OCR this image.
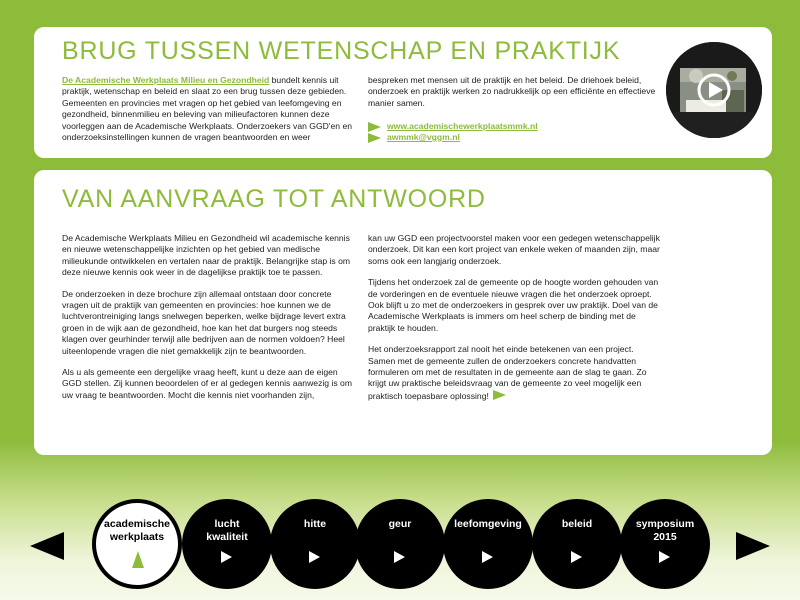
BRUG TUSSEN WETENSCHAP EN PRAKTIJK
De Academische Werkplaats Milieu en Gezondheid bundelt kennis uit praktijk, wetenschap en beleid en slaat zo een brug tussen deze gebieden. Gemeenten en provincies met vragen op het gebied van leefomgeving en gezondheid, binnenmilieu en beleving van milieufactoren kunnen deze voorleggen aan de Academische Werkplaats. Onderzoekers van GGD'en en onderzoeksinstellingen kunnen de vragen beantwoorden en weer
bespreken met mensen uit de praktijk en het beleid. De driehoek beleid, onderzoek en praktijk werken zo nadrukkelijk op een efficiënte en effectieve manier samen.
www.academischewerkplaatsmmk.nl
awmmk@vggm.nl
VAN AANVRAAG TOT ANTWOORD

De Academische Werkplaats Milieu en Gezondheid wil academische kennis en nieuwe wetenschappelijke inzichten op het gebied van medische milieukunde ontwikkelen en vertalen naar de praktijk. Belangrijke stap is om deze nieuwe kennis ook weer in de dagelijkse praktijk toe te passen.

De onderzoeken in deze brochure zijn allemaal ontstaan door concrete vragen uit de praktijk van gemeenten en provincies: hoe kunnen we de luchtverontreiniging langs snelwegen beperken, welke bijdrage levert extra groen in de wijk aan de gezondheid, hoe kan het dat burgers nog steeds klagen over geurhinder terwijl alle bedrijven aan de normen voldoen? Heel uiteenlopende vragen die niet gemakkelijk zijn te beantwoorden.

Als u als gemeente een dergelijke vraag heeft, kunt u deze aan de eigen GGD stellen. Zij kunnen beoordelen of er al gedegen kennis aanwezig is om uw vraag te beantwoorden. Mocht die kennis niet voorhanden zijn,

kan uw GGD een projectvoorstel maken voor een gedegen wetenschappelijk onderzoek. Dit kan een kort project van enkele weken of maanden zijn, maar soms ook een langjarig onderzoek.

Tijdens het onderzoek zal de gemeente op de hoogte worden gehouden van de vorderingen en de eventuele nieuwe vragen die het onderzoek oproept. Ook blijft u zo met de onderzoekers in gesprek over uw praktijk. Doel van de Academische Werkplaats is immers om heel scherp de binding met de praktijk te houden.

Het onderzoeksrapport zal nooit het einde betekenen van een project. Samen met de gemeente zullen de onderzoekers concrete handvatten formuleren om met de resultaten in de gemeente aan de slag te gaan. Zo krijgt uw praktische beleidsvraag van de gemeente zo veel mogelijk een praktisch toepasbare oplossing!

academische
werkplaats
lucht
kwaliteit
hitte	geur	leefomgeving	beleid	symposium
2015
